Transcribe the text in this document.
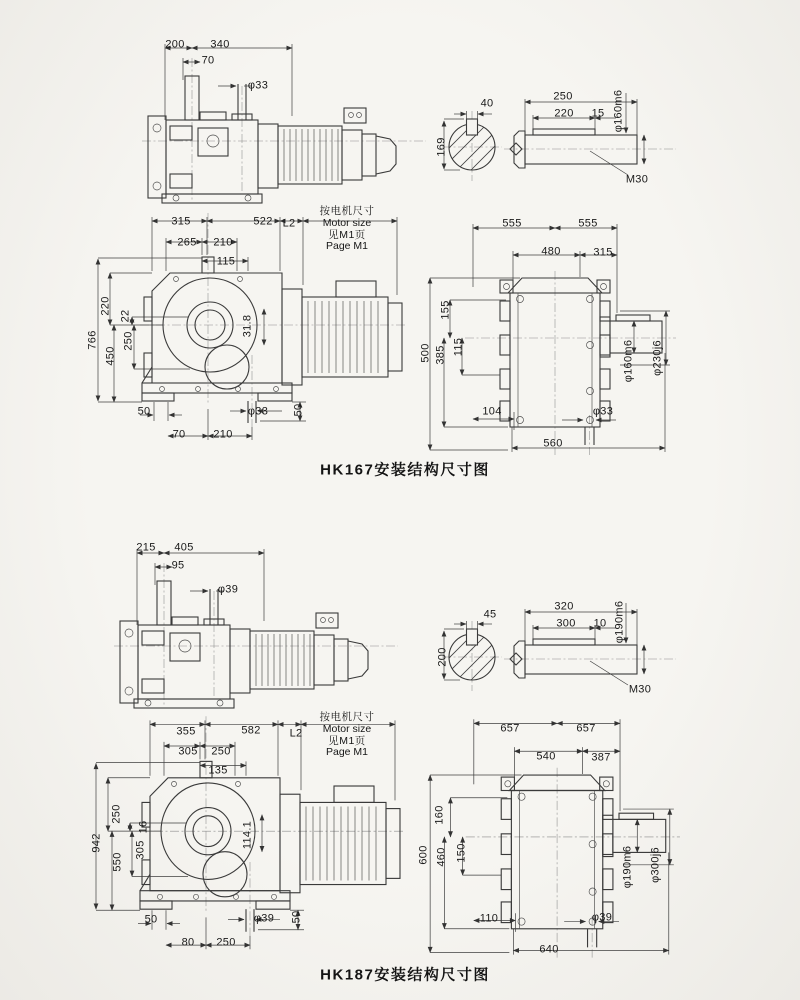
200 340
70
φ33
40
169
250
220 15 φ160m6
M30
315	522 L2
265 210
115
766
220
22
250
450
31.8
50
70	210
φ33 50
555	555
480	315
500
155
385 115	φ160m6 φ230j6
104
560
φ33
按电机尺寸
Motor size
见M1页
Page M1
HK167安装结构尺寸图
215 405
95
φ39
45
200
320
300 10 φ190m6
M30
355	582	L2
305 250
135
942
250
16
305
550
114.1
50
80 250
φ39 50
657	657
540	387
600
160
460 150	φ190m6 φ300j6
110
640
φ39
按电机尺寸
Motor size
见M1页
Page M1
HK187安装结构尺寸图
